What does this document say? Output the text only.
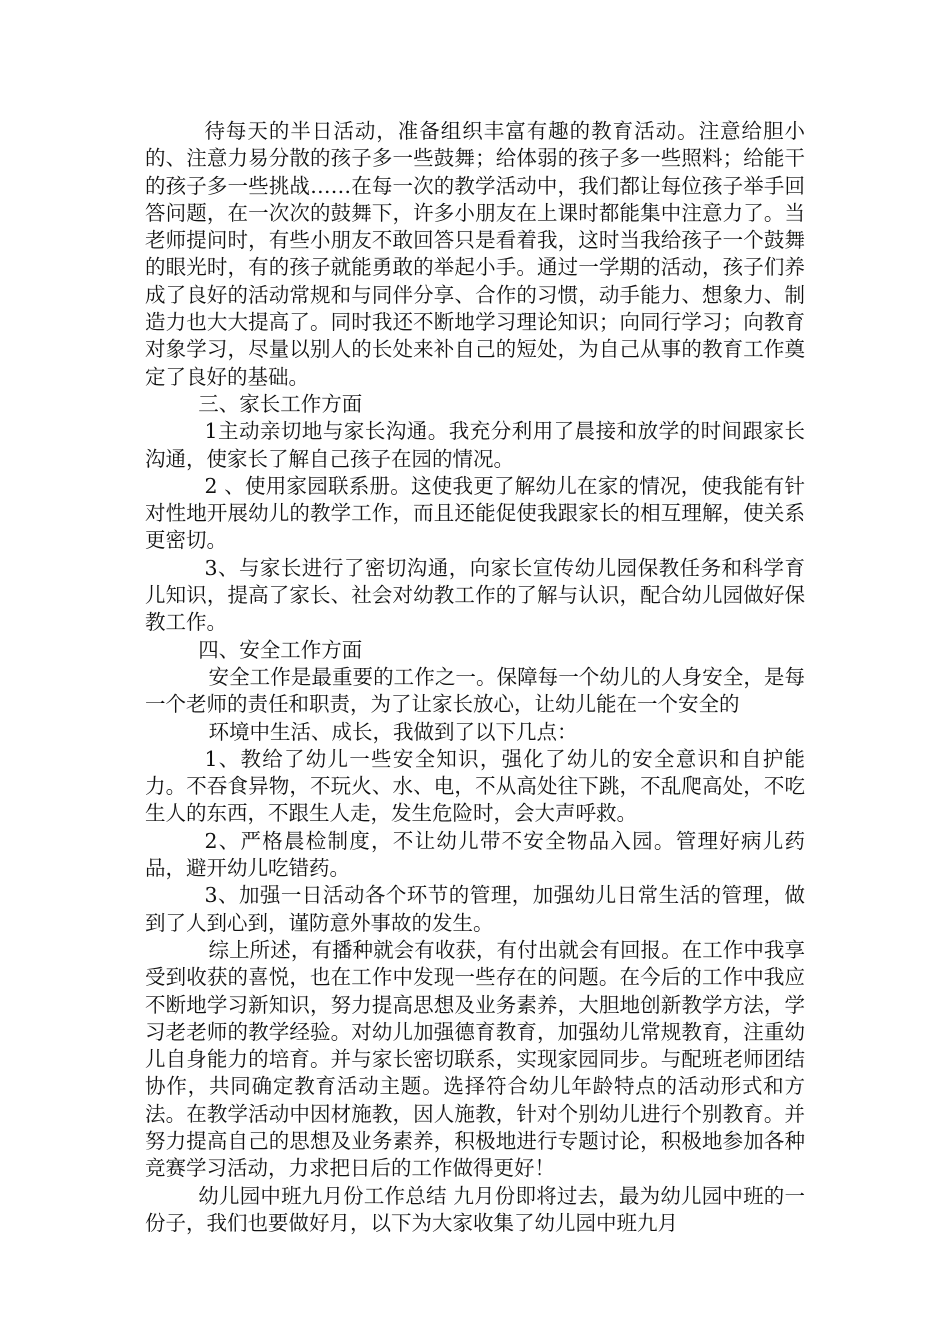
待每天的半日活动，准备组织丰富有趣的教育活动。注意给胆小的、注意力易分散的孩子多一些鼓舞；给体弱的孩子多一些照料；给能干的孩子多一些挑战……在每一次的教学活动中，我们都让每位孩子举手回答问题，在一次次的鼓舞下，许多小朋友在上课时都能集中注意力了。当老师提问时，有些小朋友不敢回答只是看着我，这时当我给孩子一个鼓舞的眼光时，有的孩子就能勇敢的举起小手。通过一学期的活动，孩子们养成了良好的活动常规和与同伴分享、合作的习惯，动手能力、想象力、制造力也大大提高了。同时我还不断地学习理论知识；向同行学习；向教育对象学习，尽量以别人的长处来补自己的短处，为自己从事的教育工作奠定了良好的基础。

三、家长工作方面

1主动亲切地与家长沟通。我充分利用了晨接和放学的时间跟家长沟通，使家长了解自己孩子在园的情况。

2 、使用家园联系册。这使我更了解幼儿在家的情况，使我能有针对性地开展幼儿的教学工作，而且还能促使我跟家长的相互理解，使关系更密切。

3、与家长进行了密切沟通，向家长宣传幼儿园保教任务和科学育儿知识，提高了家长、社会对幼教工作的了解与认识，配合幼儿园做好保教工作。

四、安全工作方面

安全工作是最重要的工作之一。保障每一个幼儿的人身安全，是每一个老师的责任和职责，为了让家长放心，让幼儿能在一个安全的

环境中生活、成长，我做到了以下几点：

1、教给了幼儿一些安全知识，强化了幼儿的安全意识和自护能力。不吞食异物，不玩火、水、电，不从高处往下跳，不乱爬高处，不吃生人的东西，不跟生人走，发生危险时，会大声呼救。

2、严格晨检制度，不让幼儿带不安全物品入园。管理好病儿药品，避开幼儿吃错药。

3、加强一日活动各个环节的管理，加强幼儿日常生活的管理，做到了人到心到，谨防意外事故的发生。

综上所述，有播种就会有收获，有付出就会有回报。在工作中我享受到收获的喜悦，也在工作中发现一些存在的问题。在今后的工作中我应不断地学习新知识，努力提高思想及业务素养，大胆地创新教学方法，学习老老师的教学经验。对幼儿加强德育教育，加强幼儿常规教育，注重幼儿自身能力的培育。并与家长密切联系，实现家园同步。与配班老师团结协作，共同确定教育活动主题。选择符合幼儿年龄特点的活动形式和方法。在教学活动中因材施教，因人施教，针对个别幼儿进行个别教育。并努力提高自己的思想及业务素养，积极地进行专题讨论，积极地参加各种竞赛学习活动，力求把日后的工作做得更好！

幼儿园中班九月份工作总结 九月份即将过去，最为幼儿园中班的一份子，我们也要做好月，以下为大家收集了幼儿园中班九月
